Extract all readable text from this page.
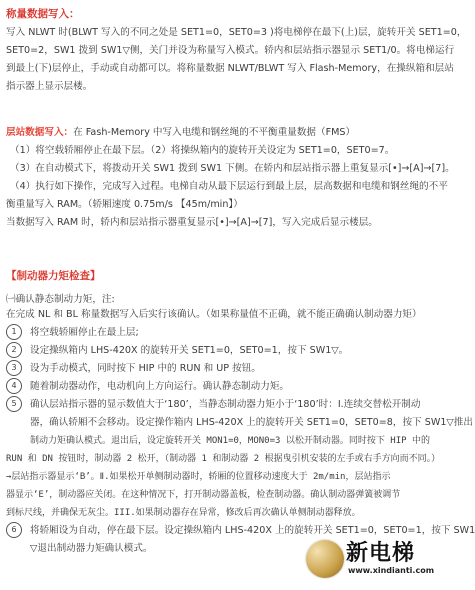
称量数据写入：
写入 NLWT 时(BLWT 写入的不同之处是 SET1=0，SET0=3 )将电梯停在最下(上)层，旋转开关 SET1=0，
SET0=2，SW1 拨到 SW1▽侧，关门并设为称量写入模式。轿内和层站指示器显示 SET1/0。将电梯运行
到最上(下)层停止，手动或自动都可以。将称量数据 NLWT/BLWT 写入 Flash-Memory，在操纵箱和层站
指示器上显示层楼。
层站数据写入：在 Fash-Memory 中写入电缆和钢丝绳的不平衡重量数据（FMS）
（1）将空载轿厢停止在最下层。（2）将操纵箱内的旋转开关设定为 SET1=0，SET0=7。
（3）在自动模式下，将拨动开关 SW1 拨到 SW1 下侧。在轿内和层站指示器上重复显示[•]→[A]→[7]。
（4）执行如下操作，完成写入过程。电梯自动从最下层运行到最上层，层高数据和电缆和钢丝绳的不平
衡重量写入 RAM。（轿厢速度 0.75m/s 【45m/min】）
当数据写入 RAM 时，轿内和层站指示器重复显示[•]→[A]→[7]，写入完成后显示楼层。
【制动器力矩检查】
㈠确认静态制动力矩，注:
在完成 NL 和 BL 称量数据写入后实行该确认。（如果称量值不正确，就不能正确确认制动器力矩）
1 将空载轿厢停止在最上层;
2 设定操纵箱内 LHS-420X 的旋转开关 SET1=0，SET0=1，按下 SW1▽。
3 设为手动模式，同时按下 HIP 中的 RUN 和 UP 按钮。
4 随着制动器动作，电动机向上方向运行。确认静态制动力矩。
5 确认层站指示器的显示数值大于‘180’，当静态制动器力矩小于‘180’时：Ⅰ.连续交替松开制动
器，确认轿厢不会移动。设定操作箱内 LHS-420X 上的旋转开关 SET1=0，SET0=8，按下 SW1▽推出
制动力矩确认模式。退出后，设定旋转开关 MON1=0，MON0=3 以松开制动器。同时按下 HIP 中的
RUN 和 DN 按钮时，制动器 2 松开，（制动器 1 和制动器 2 根据曳引机安装的左手或右手方向而不同。）
→层站指示器显示‘B’。Ⅱ.如果松开单侧制动器时，轿厢的位置移动速度大于 2m/min，层站指示
器显示‘E’，制动器应关闭。在这种情况下，打开制动器盖板，检查制动器。确认制动器弹簧被调节
到标尺线，并确保无灰尘。III.如果制动器存在异常，修改后再次确认单侧制动器释放。
6 将轿厢设为自动，停在最下层。设定操纵箱内 LHS-420X 上的旋转开关 SET1=0，SET0=1，按下 SW1
▽退出制动器力矩确认模式。	新电梯
www.xindianti.com
